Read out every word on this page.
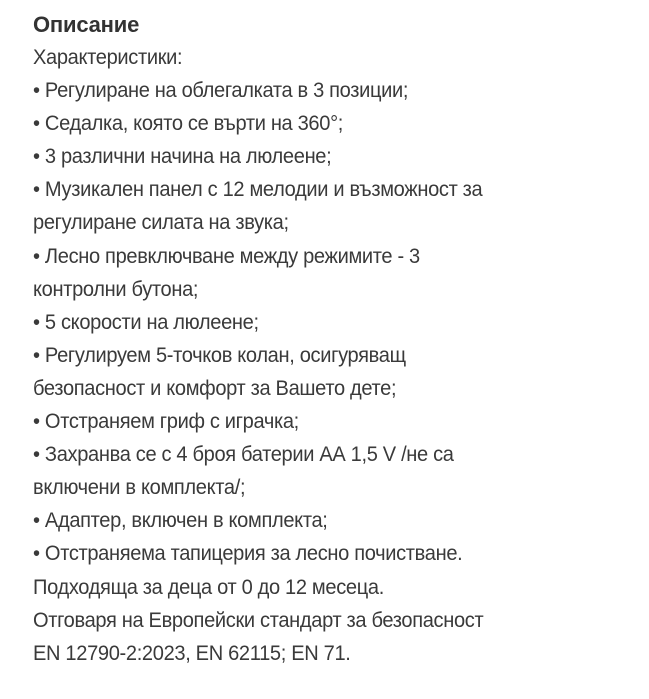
Описание

Характеристики:

• Регулиране на облегалката в 3 позиции;

• Седалка, която се върти на 360°;

• 3 различни начина на люлеене;

• Музикален панел с 12 мелодии и възможност за

регулиране силата на звука;

• Лесно превключване между режимите - 3

контролни бутона;

• 5 скорости на люлеене;

• Регулируем 5-точков колан, осигуряващ

безопасност и комфорт за Вашето дете;

• Отстраняем гриф с играчка;

• Захранва се с 4 броя батерии АА 1,5 V /не са

включени в комплекта/;

• Адаптер, включен в комплекта;

• Отстраняема тапицерия за лесно почистване.

Подходяща за деца от 0 до 12 месеца.

Отговаря на Европейски стандарт за безопасност

EN 12790-2:2023, EN 62115; EN 71.
